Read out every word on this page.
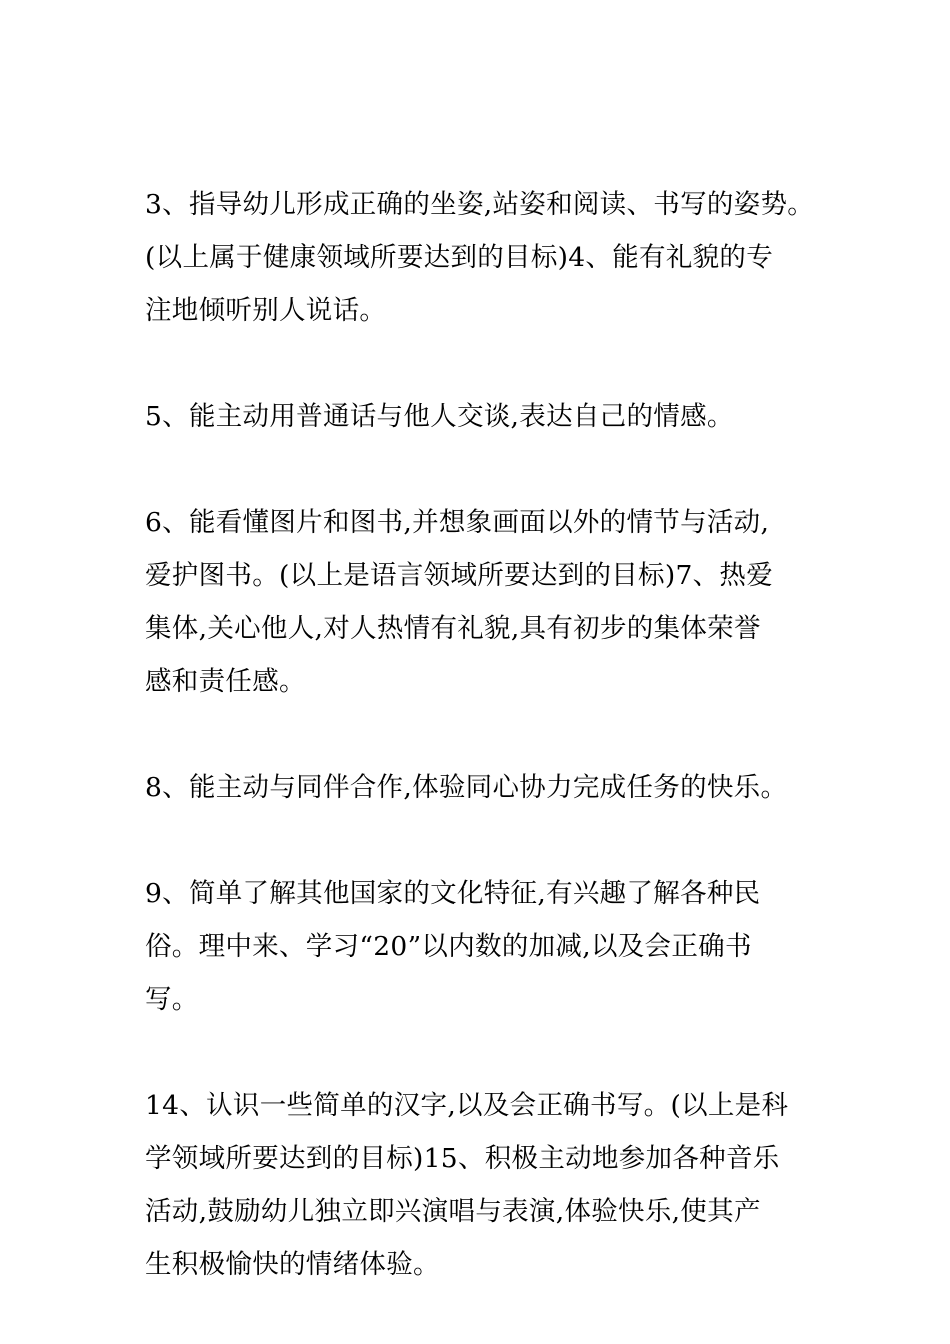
3、指导幼儿形成正确的坐姿,站姿和阅读、书写的姿势。
(以上属于健康领域所要达到的目标)4、能有礼貌的专
注地倾听别人说话。

5、能主动用普通话与他人交谈,表达自己的情感。

6、能看懂图片和图书,并想象画面以外的情节与活动,
爱护图书。(以上是语言领域所要达到的目标)7、热爱
集体,关心他人,对人热情有礼貌,具有初步的集体荣誉
感和责任感。

8、能主动与同伴合作,体验同心协力完成任务的快乐。

9、简单了解其他国家的文化特征,有兴趣了解各种民
俗。理中来、学习“20”以内数的加减,以及会正确书
写。

14、认识一些简单的汉字,以及会正确书写。(以上是科
学领域所要达到的目标)15、积极主动地参加各种音乐
活动,鼓励幼儿独立即兴演唱与表演,体验快乐,使其产
生积极愉快的情绪体验。
